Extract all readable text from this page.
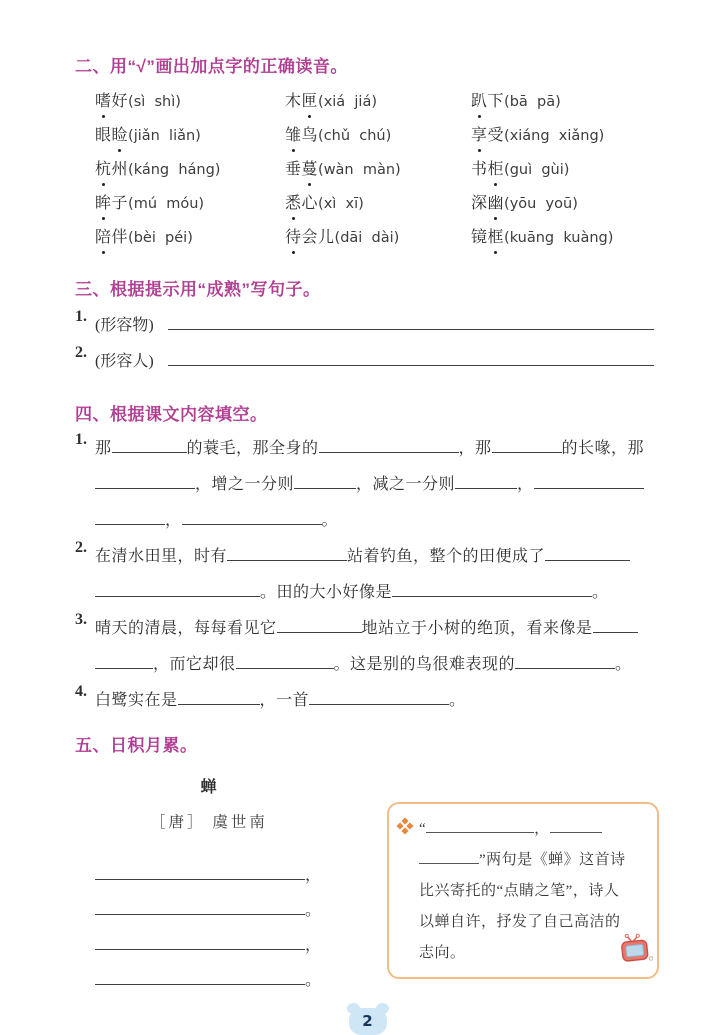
二、用“√”画出加点字的正确读音。
嗜好(sì  shì)	木匣(xiá  jiá)	趴下(bā  pā)
眼睑(jiǎn  liǎn)	雏鸟(chǔ  chú)	享受(xiáng  xiǎng)
杭州(káng  háng)	垂蔓(wàn  màn)	书柜(guì  gùi)
眸子(mú  móu)	悉心(xì  xī)	深幽(yōu  yoū)
陪伴(bèi  péi)	待会儿(dāi  dài)	镜框(kuāng  kuàng)
三、根据提示用“成熟”写句子。
1.
(形容物)
2.
(形容人)
四、根据课文内容填空。
1.
那	的蓑毛，那全身的	，那	的长喙，那
，增之一分则	，减之一分则	，
，	。
2.
在清水田里，时有	站着钓鱼，整个的田便成了
。田的大小好像是	。
3.
晴天的清晨，每每看见它	地站立于小树的绝顶，看来像是
，而它却很	。这是别的鸟很难表现的	。
4.
白鹭实在是	，一首	。
五、日积月累。
蝉
［唐］ 虞世南
，
。
，
。
“	，
”两句是《蝉》这首诗
比兴寄托的“点睛之笔”，诗人
以蝉自许，抒发了自己高洁的
志向。
2
